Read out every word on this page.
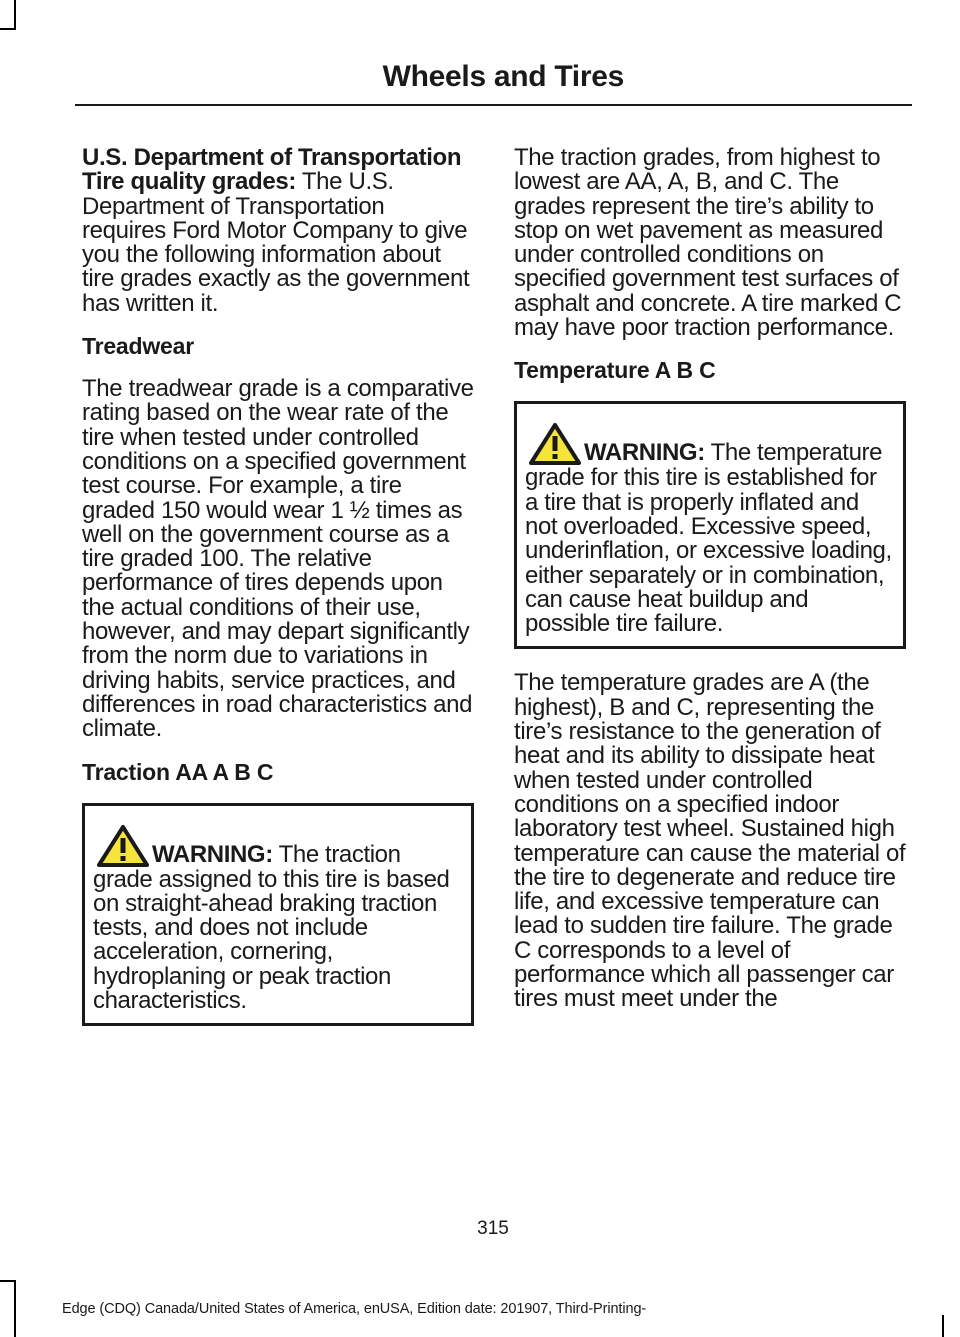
Wheels and Tires

U.S. Department of Transportation Tire quality grades: The U.S. Department of Transportation requires Ford Motor Company to give you the following information about tire grades exactly as the government has written it.

Treadwear

The treadwear grade is a comparative rating based on the wear rate of the tire when tested under controlled conditions on a specified government test course. For example, a tire graded 150 would wear 1 ½ times as well on the government course as a tire graded 100. The relative performance of tires depends upon the actual conditions of their use, however, and may depart significantly from the norm due to variations in driving habits, service practices, and differences in road characteristics and climate.

Traction AA A B C
WARNING: The traction grade assigned to this tire is based on straight-ahead braking traction tests, and does not include acceleration, cornering, hydroplaning or peak traction characteristics.

The traction grades, from highest to lowest are AA, A, B, and C. The grades represent the tire’s ability to stop on wet pavement as measured under controlled conditions on specified government test surfaces of asphalt and concrete. A tire marked C may have poor traction performance.

Temperature A B C
WARNING: The temperature grade for this tire is established for a tire that is properly inflated and not overloaded. Excessive speed, underinflation, or excessive loading, either separately or in combination, can cause heat buildup and possible tire failure.

The temperature grades are A (the highest), B and C, representing the tire’s resistance to the generation of heat and its ability to dissipate heat when tested under controlled conditions on a specified indoor laboratory test wheel. Sustained high temperature can cause the material of the tire to degenerate and reduce tire life, and excessive temperature can lead to sudden tire failure. The grade C corresponds to a level of performance which all passenger car tires must meet under the

315
Edge (CDQ) Canada/United States of America, enUSA, Edition date: 201907, Third-Printing-
